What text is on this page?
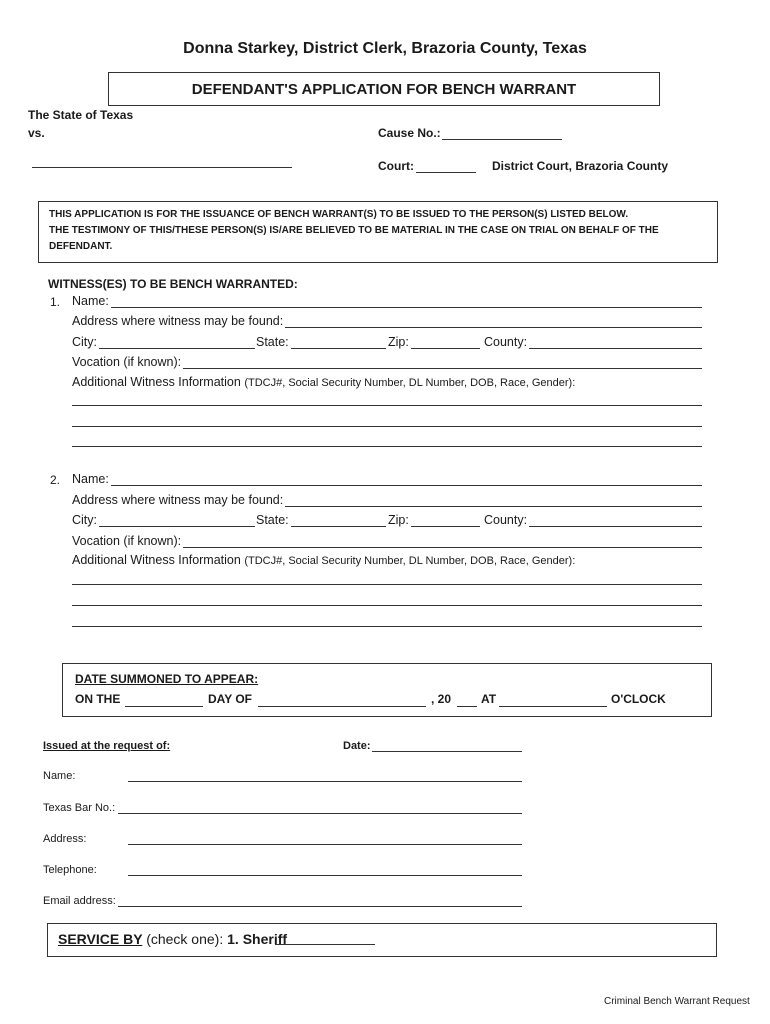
Donna Starkey, District Clerk, Brazoria County, Texas
DEFENDANT'S APPLICATION FOR BENCH WARRANT
The State of Texas
vs.	Cause No.:
Court:	District Court, Brazoria County
THIS APPLICATION IS FOR THE ISSUANCE OF BENCH WARRANT(S) TO BE ISSUED TO THE PERSON(S) LISTED BELOW.
THE TESTIMONY OF THIS/THESE PERSON(S) IS/ARE BELIEVED TO BE MATERIAL IN THE CASE ON TRIAL ON BEHALF OF THE
DEFENDANT.
WITNESS(ES) TO BE BENCH WARRANTED:
1. Name:
Address where witness may be found:
City:	State:	Zip:	County:
Vocation (if known):
Additional Witness Information (TDCJ#, Social Security Number, DL Number, DOB, Race, Gender):
2. Name:
Address where witness may be found:
City:	State:	Zip:	County:
Vocation (if known):
Additional Witness Information (TDCJ#, Social Security Number, DL Number, DOB, Race, Gender):
DATE SUMMONED TO APPEAR:
ON THE	DAY OF	, 20 AT	O'CLOCK
Issued at the request of:	Date:
Name:
Texas Bar No.:
Address:
Telephone:
Email address:
SERVICE BY (check one): 1. Sheriff
Criminal Bench Warrant Request
